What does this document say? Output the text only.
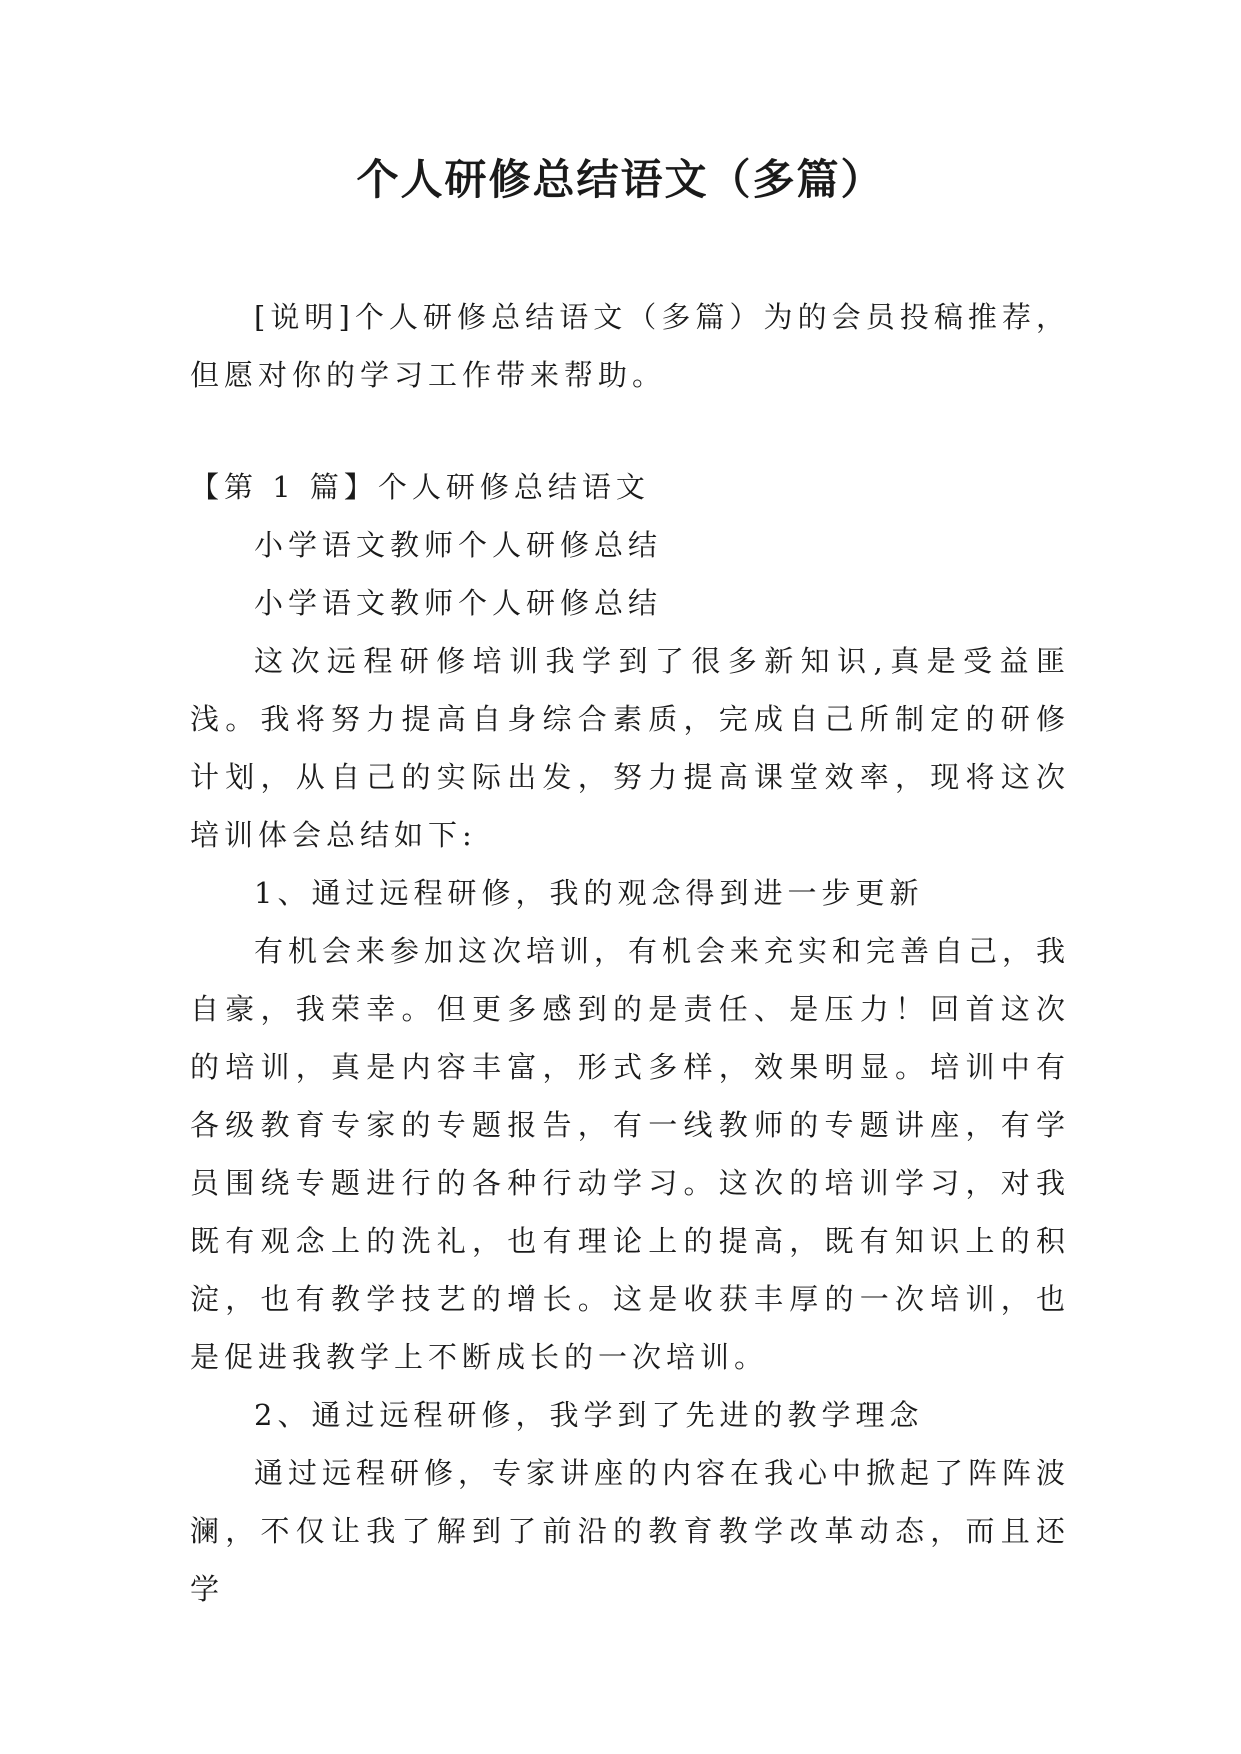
个人研修总结语文（多篇）

[说明]个人研修总结语文（多篇）为的会员投稿推荐，但愿对你的学习工作带来帮助。

【第 1 篇】个人研修总结语文

小学语文教师个人研修总结

小学语文教师个人研修总结

这次远程研修培训我学到了很多新知识,真是受益匪浅。我将努力提高自身综合素质，完成自己所制定的研修计划，从自己的实际出发，努力提高课堂效率，现将这次培训体会总结如下:

1、通过远程研修，我的观念得到进一步更新

有机会来参加这次培训，有机会来充实和完善自己，我自豪，我荣幸。但更多感到的是责任、是压力！回首这次的培训，真是内容丰富，形式多样，效果明显。培训中有各级教育专家的专题报告，有一线教师的专题讲座，有学员围绕专题进行的各种行动学习。这次的培训学习，对我既有观念上的洗礼，也有理论上的提高，既有知识上的积淀，也有教学技艺的增长。这是收获丰厚的一次培训，也是促进我教学上不断成长的一次培训。

2、通过远程研修，我学到了先进的教学理念

通过远程研修，专家讲座的内容在我心中掀起了阵阵波澜，不仅让我了解到了前沿的教育教学改革动态，而且还学
